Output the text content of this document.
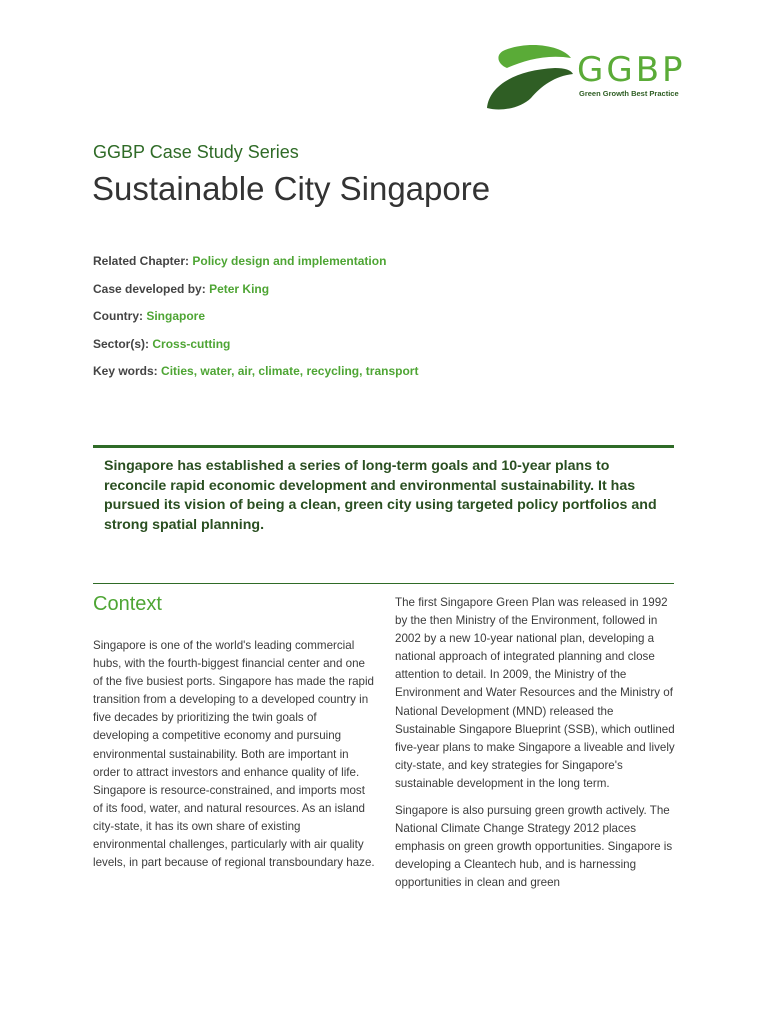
GGBP
Green Growth Best Practice
GGBP Case Study Series
Sustainable City Singapore
Related Chapter: Policy design and implementation
Case developed by: Peter King
Country: Singapore
Sector(s): Cross-cutting
Key words: Cities, water, air, climate, recycling, transport
Singapore has established a series of long-term goals and 10-year plans to reconcile rapid economic development and environmental sustainability. It has pursued its vision of being a clean, green city using targeted policy portfolios and strong spatial planning.
Context

Singapore is one of the world's leading commercial hubs, with the fourth-biggest financial center and one of the five busiest ports. Singapore has made the rapid transition from a developing to a developed country in five decades by prioritizing the twin goals of developing a competitive economy and pursuing environmental sustainability. Both are important in order to attract investors and enhance quality of life. Singapore is resource-constrained, and imports most of its food, water, and natural resources. As an island city-state, it has its own share of existing environmental challenges, particularly with air quality levels, in part because of regional transboundary haze.

The first Singapore Green Plan was released in 1992 by the then Ministry of the Environment, followed in 2002 by a new 10-year national plan, developing a national approach of integrated planning and close attention to detail. In 2009, the Ministry of the Environment and Water Resources and the Ministry of National Development (MND) released the Sustainable Singapore Blueprint (SSB), which outlined five-year plans to make Singapore a liveable and lively city-state, and key strategies for Singapore's sustainable development in the long term.

Singapore is also pursuing green growth actively. The National Climate Change Strategy 2012 places emphasis on green growth opportunities. Singapore is developing a Cleantech hub, and is harnessing opportunities in clean and green
